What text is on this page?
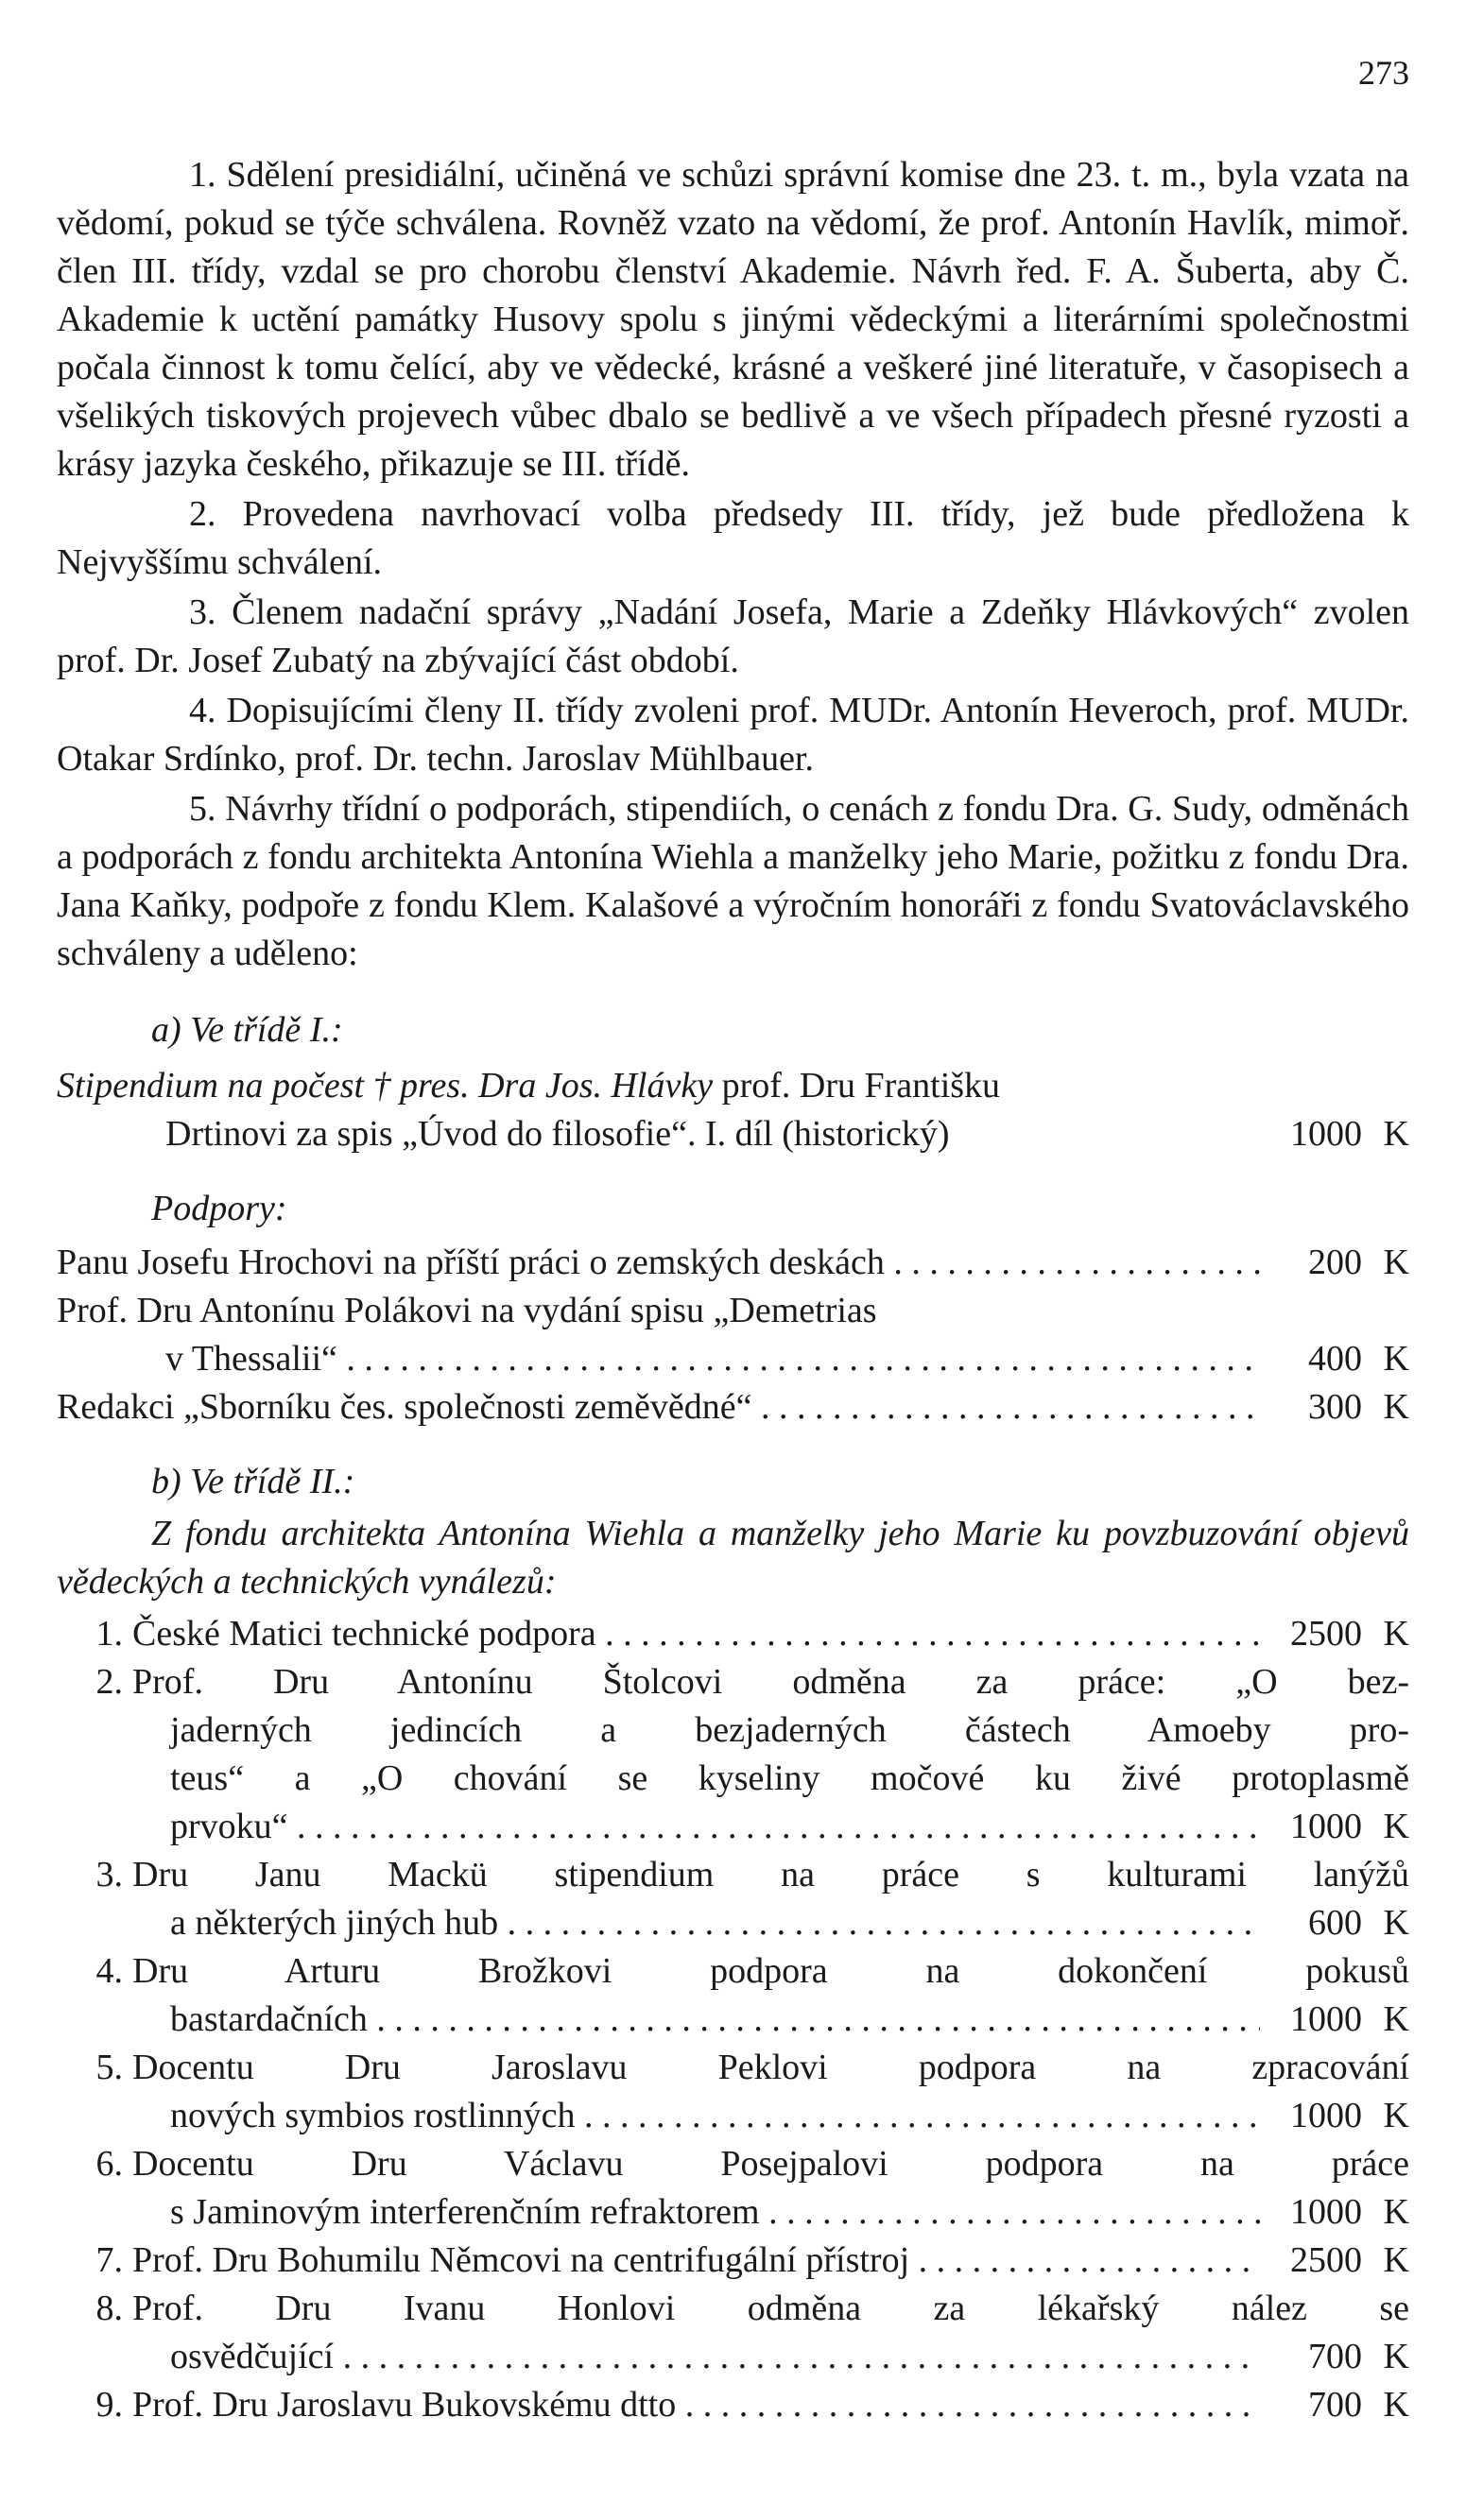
273

1. Sdělení presidiální, učiněná ve schůzi správní komise dne 23. t. m., byla vzata na vědomí, pokud se týče schválena. Rovněž vzato na vědomí, že prof. Antonín Havlík, mimoř. člen III. třídy, vzdal se pro chorobu členství Akademie. Návrh řed. F. A. Šuberta, aby Č. Akademie k uctění památky Husovy spolu s jinými vědeckými a literárními společnostmi počala činnost k tomu čelící, aby ve vědecké, krásné a veškeré jiné literatuře, v časopisech a všelikých tiskových projevech vůbec dbalo se bedlivě a ve všech případech přesné ryzosti a krásy jazyka českého, přikazuje se III. třídě.

2. Provedena navrhovací volba předsedy III. třídy, jež bude předložena k Nejvyššímu schválení.

3. Členem nadační správy „Nadání Josefa, Marie a Zdeňky Hlávkových“ zvolen prof. Dr. Josef Zubatý na zbývající část období.

4. Dopisujícími členy II. třídy zvoleni prof. MUDr. Antonín Heveroch, prof. MUDr. Otakar Srdínko, prof. Dr. techn. Jaroslav Mühlbauer.

5. Návrhy třídní o podporách, stipendiích, o cenách z fondu Dra. G. Sudy, odměnách a podporách z fondu architekta Antonína Wiehla a manželky jeho Marie, požitku z fondu Dra. Jana Kaňky, podpoře z fondu Klem. Kalašové a výročním honoráři z fondu Svatováclavského schváleny a uděleno:

a) Ve třídě I.:
Stipendium na počest † pres. Dra Jos. Hlávky prof. Dru Františku
Drtinovi za spis „Úvod do filosofie“. I. díl (historický)	1000 K
Podpory:
Panu Josefu Hrochovi na příští práci o zemských deskách . . .	200 K
Prof. Dru Antonínu Polákovi na vydání spisu „Demetrias
v Thessalii“ . . .	400 K
Redakci „Sborníku čes. společnosti zeměvědné“ . . .	300 K
b) Ve třídě II.:

Z fondu architekta Antonína Wiehla a manželky jeho Marie ku povzbuzování objevů vědeckých a technických vynálezů:

1. České Matici technické podpora . . .	2500 K
2. Prof. Dru Antonínu Štolcovi odměna za práce: „O bez-
jaderných jedincích a bezjaderných částech Amoeby pro-
teus“ a „O chování se kyseliny močové ku živé protoplasmě
prvoku“ . . .	1000 K
3. Dru Janu Mackü stipendium na práce s kulturami lanýžů
a některých jiných hub . . .	600 K
4. Dru Arturu Brožkovi podpora na dokončení pokusů
bastardačních . . .	1000 K
5. Docentu Dru Jaroslavu Peklovi podpora na zpracování
nových symbios rostlinných . . .	1000 K
6. Docentu Dru Václavu Posejpalovi podpora na práce
s Jaminovým interferenčním refraktorem . . .	1000 K
7. Prof. Dru Bohumilu Němcovi na centrifugální přístroj . . .	2500 K
8. Prof. Dru Ivanu Honlovi odměna za lékařský nález se
osvědčující . . .	700 K
9. Prof. Dru Jaroslavu Bukovskému dtto . . .	700 K
